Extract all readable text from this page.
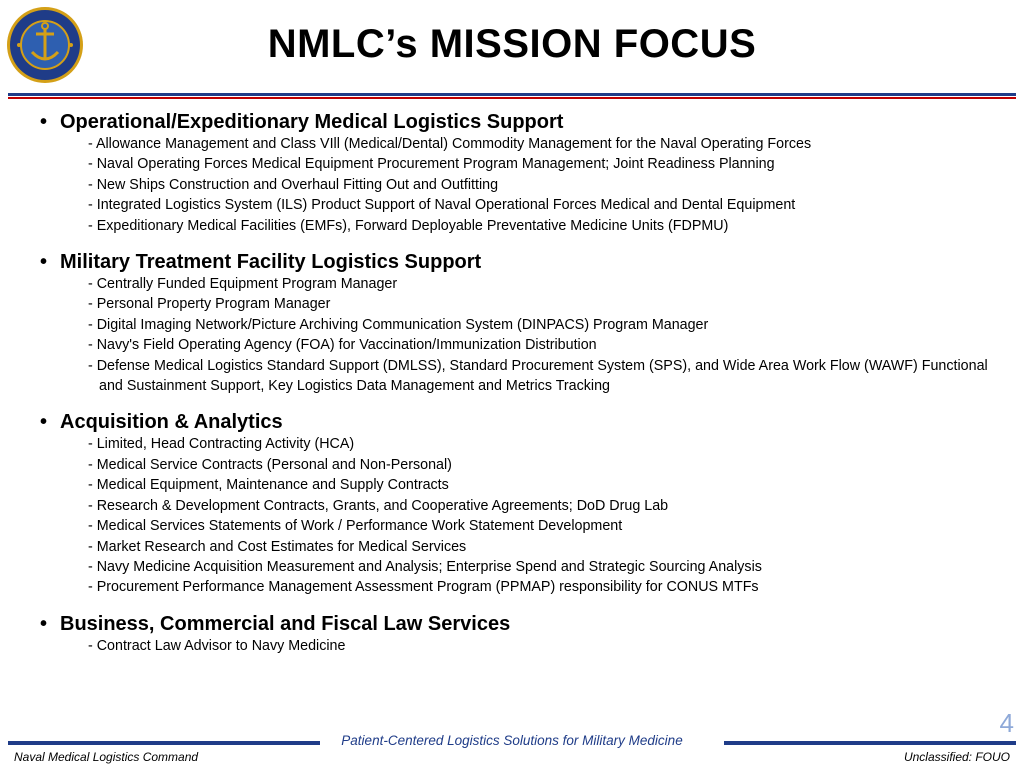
NMLC’s MISSION FOCUS
• Operational/Expeditionary Medical Logistics Support
- Allowance Management and Class VIll (Medical/Dental) Commodity Management for the Naval Operating Forces
- Naval Operating Forces Medical Equipment Procurement Program Management; Joint Readiness Planning
- New Ships Construction and Overhaul Fitting Out and Outfitting
- Integrated Logistics System (ILS) Product Support of Naval Operational Forces Medical and Dental Equipment
- Expeditionary Medical Facilities (EMFs), Forward Deployable Preventative Medicine Units (FDPMU)
• Military Treatment Facility Logistics Support
- Centrally Funded Equipment Program Manager
- Personal Property Program Manager
- Digital Imaging Network/Picture Archiving Communication System (DINPACS) Program Manager
- Navy's Field Operating Agency (FOA) for Vaccination/Immunization Distribution
- Defense Medical Logistics Standard Support (DMLSS), Standard Procurement System (SPS), and Wide Area Work Flow (WAWF) Functional and Sustainment Support, Key Logistics Data Management and Metrics Tracking
• Acquisition & Analytics
- Limited, Head Contracting Activity (HCA)
- Medical Service Contracts (Personal and Non-Personal)
- Medical Equipment, Maintenance and Supply Contracts
- Research & Development Contracts, Grants, and Cooperative Agreements; DoD Drug Lab
- Medical Services Statements of Work / Performance Work Statement Development
- Market Research and Cost Estimates for Medical Services
- Navy Medicine Acquisition Measurement and Analysis; Enterprise Spend and Strategic Sourcing Analysis
- Procurement Performance Management Assessment Program (PPMAP) responsibility for CONUS MTFs
• Business, Commercial and Fiscal Law Services
- Contract Law Advisor to Navy Medicine
4
Patient-Centered Logistics Solutions for Military Medicine
Naval Medical Logistics Command	Unclassified: FOUO
